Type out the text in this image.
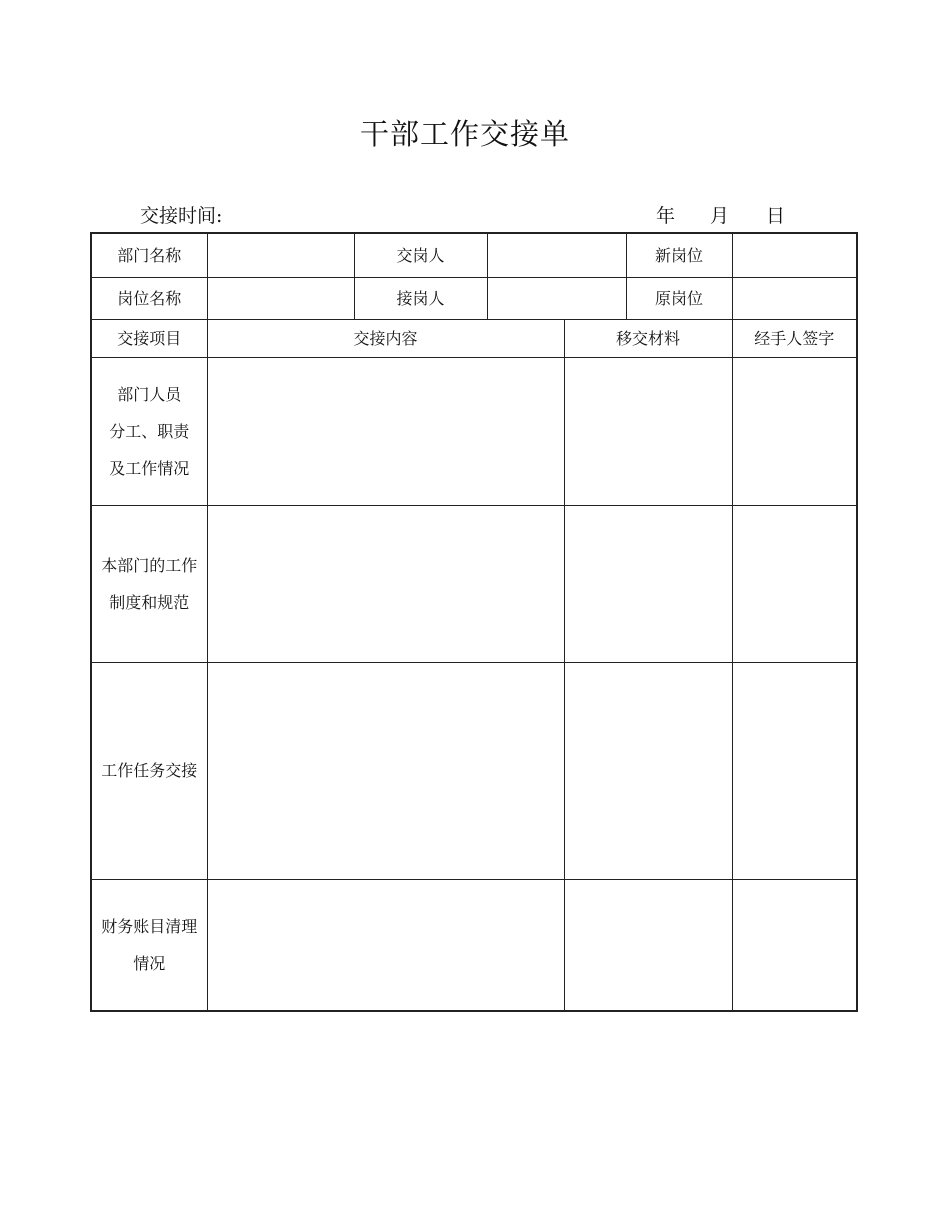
干部工作交接单
交接时间:	年 月 日
部门名称		交岗人			新岗位	
岗位名称		接岗人			原岗位	
交接项目	交接内容			移交材料		经手人签字

部门人员
分工、职责
及工作情况						

本部门的工作
制度和规范						

工作任务交接						

财务账目清理
情况						
